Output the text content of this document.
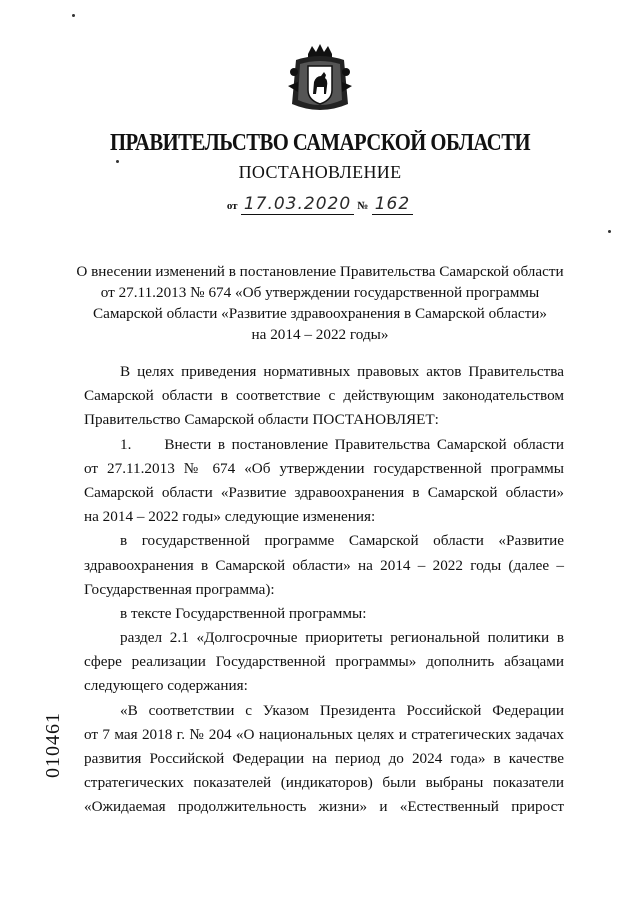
ПРАВИТЕЛЬСТВО САМАРСКОЙ ОБЛАСТИ
ПОСТАНОВЛЕНИЕ
от 17.03.2020 № 162
О внесении изменений в постановление Правительства Самарской области
от 27.11.2013 № 674 «Об утверждении государственной программы
Самарской области «Развитие здравоохранения в Самарской области»
на 2014 – 2022 годы»
В целях приведения нормативных правовых актов Правительства
Самарской области в соответствие с действующим законодательством
Правительство Самарской области ПОСТАНОВЛЯЕТ:
1.     Внести в постановление Правительства Самарской области
от 27.11.2013 № 674 «Об утверждении государственной программы
Самарской области «Развитие здравоохранения в Самарской области»
на 2014 – 2022 годы» следующие изменения:
в государственной программе Самарской области «Развитие
здравоохранения в Самарской области» на 2014 – 2022 годы (далее –
Государственная программа):
в тексте Государственной программы:
раздел 2.1 «Долгосрочные приоритеты региональной политики в
сфере реализации Государственной программы» дополнить абзацами
следующего содержания:
«В соответствии с Указом Президента Российской Федерации
от 7 мая 2018 г. № 204 «О национальных целях и стратегических задачах
развития Российской Федерации на период до 2024 года» в качестве
стратегических показателей (индикаторов) были выбраны показатели
«Ожидаемая продолжительность жизни» и «Естественный прирост
010461
